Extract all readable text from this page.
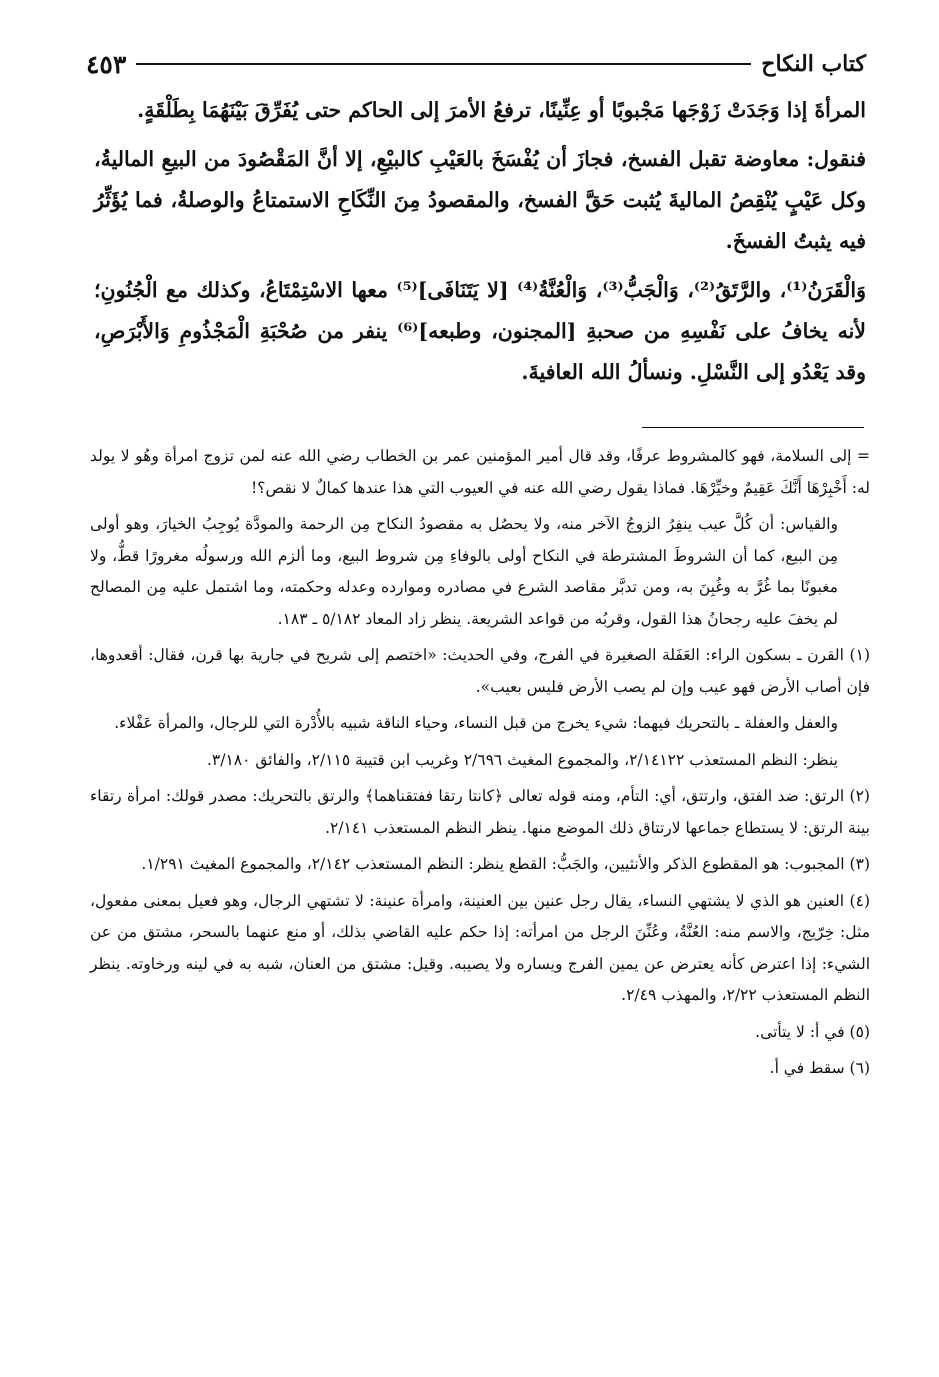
٤٥٣	كتاب النكاح

المرأةَ إذا وَجَدَتْ زَوْجَها مَجْبوبًا أو عِنِّينًا، ترفعُ الأمرَ إلى الحاكم حتى يُفَرِّقَ بَيْنَهُمَا بِطَلْقَةٍ.

فنقول: معاوضة تقبل الفسخ، فجازَ أن يُفْسَخَ بالعَيْبِ كالبيْعِ، إلا أنَّ المَقْصُودَ من البيعِ الماليةُ، وكل عَيْبٍ يُنْقِصُ الماليةَ يُثبت حَقَّ الفسخ، والمقصودُ مِنَ النِّكَاحِ الاستمتاعُ والوصلةُ، فما يُؤَثِّرُ فيه يثبتُ الفسخَ.

وَالْقَرَنُ⁽¹⁾، والرَّتَقُ⁽²⁾، وَالْجَبُّ⁽³⁾، وَالْعُنَّةُ⁽⁴⁾ [لا يَتَنَافَى]⁽⁵⁾ معها الاسْتِمْتَاعُ، وكذلك مع الْجُنُونِ؛ لأنه يخافُ على نَفْسِهِ من صحبةِ [المجنون، وطبعه]⁽⁶⁾ ينفر من صُحْبَةِ الْمَجْذُومِ وَالأَبْرَصِ، وقد يَعْدُو إلى النَّسْلِ. ونسألُ الله العافيةَ.

= إلى السلامة، فهو كالمشروط عرفًا، وقد قال أمير المؤمنين عمر بن الخطاب رضي الله عنه لمن تزوج امرأة وهُو لا يولد له: أَخْبِرْهَا أَنَّكَ عَقِيمٌ وخيِّرْهَا. فماذا يقول رضي الله عنه في العيوب التي هذا عندها كمالٌ لا نقص؟!

والقياس: أن كُلَّ عيب ينفِرُ الزوجُ الآخر منه، ولا يحصُل به مقصودُ النكاح مِن الرحمة والمودَّة يُوجِبُ الخيارَ، وهو أولى مِن البيع، كما أن الشروطَ المشترطة في النكاح أولى بالوفاءِ مِن شروط البيع، وما ألزم الله ورسولُه مغرورًا قطُّ، ولا مغبونًا بما غُرَّ به وغُبِنَ به، ومن تدبَّر مقاصد الشرع في مصادره وموارده وعدله وحكمته، وما اشتمل عليه مِن المصالح لم يخفَ عليه رجحانُ هذا القول، وقربُه من قواعد الشريعة. ينظر زاد المعاد ٥/١٨٢ ـ ١٨٣.

(١) القرن ـ بسكون الراء: العَفَلة الصغيرة في الفرج، وفي الحديث: «اختصم إلى شريح في جارية بها قرن، فقال: أقعدوها، فإن أصاب الأرض فهو عيب وإن لم يصب الأرض فليس بعيب».

والعفل والعفلة ـ بالتحريك فيهما: شيء يخرج من قبل النساء، وحياء الناقة شبيه بالأُدْرة التي للرجال، والمرأة عَفْلاء.

ينظر: النظم المستعذب ٢/١٤١٢٢، والمجموع المغيث ٢/٦٩٦ وغريب ابن قتيبة ٢/١١٥، والفائق ٣/١٨٠.

(٢) الرتق: ضد الفتق، وارتتق، أي: التأم، ومنه قوله تعالى ﴿كانتا رتقا ففتقناهما﴾ والرتق بالتحريك: مصدر قولك: امرأة رتقاء بينة الرتق: لا يستطاع جماعها لارتتاق ذلك الموضع منها. ينظر النظم المستعذب ٢/١٤١.

(٣) المجبوب: هو المقطوع الذكر والأنثيين، والجَبُّ: القطع ينظر: النظم المستعذب ٢/١٤٢، والمجموع المغيث ١/٢٩١.

(٤) العنين هو الذي لا يشتهي النساء، يقال رجل عنين بين العنينة، وامرأة عنينة: لا تشتهي الرجال، وهو فعيل بمعنى مفعول، مثل: خِرّيج، والاسم منه: العُنَّةُ، وعُنِّنَ الرجل من امرأته: إذا حكم عليه القاضي بذلك، أو منع عنهما بالسحر، مشتق من عن الشيء: إذا اعترض كأنه يعترض عن يمين الفرج ويساره ولا يصيبه. وقيل: مشتق من العنان، شبه به في لينه ورخاوته. ينظر النظم المستعذب ٢/٢٢، والمهذب ٢/٤٩.

(٥) في أ: لا يتأتى.

(٦) سقط في أ.
